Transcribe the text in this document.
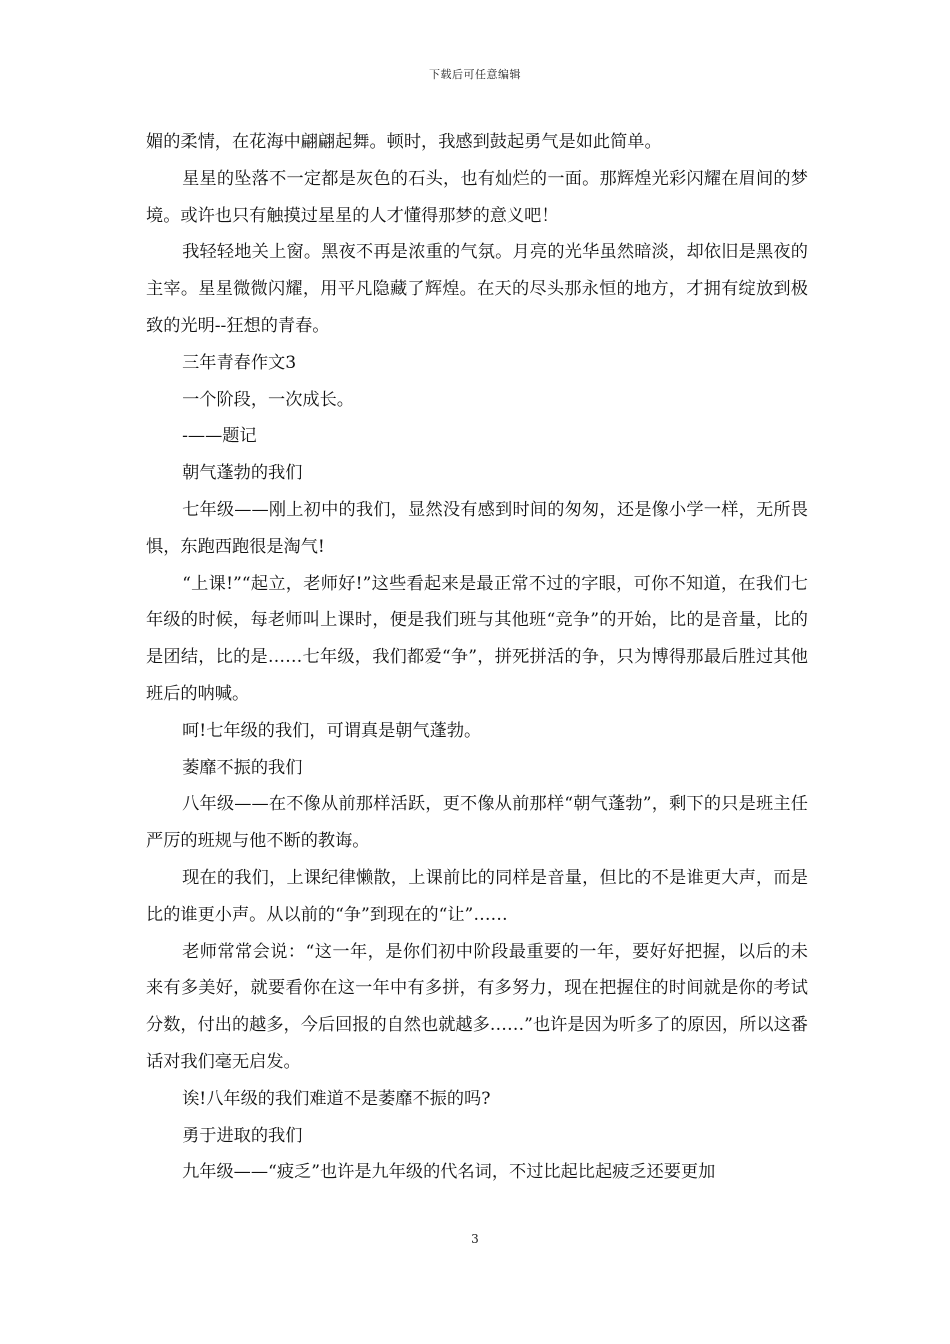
下载后可任意编辑

媚的柔情，在花海中翩翩起舞。顿时，我感到鼓起勇气是如此简单。

星星的坠落不一定都是灰色的石头，也有灿烂的一面。那辉煌光彩闪耀在眉间的梦境。或许也只有触摸过星星的人才懂得那梦的意义吧！

我轻轻地关上窗。黑夜不再是浓重的气氛。月亮的光华虽然暗淡，却依旧是黑夜的主宰。星星微微闪耀，用平凡隐藏了辉煌。在天的尽头那永恒的地方，才拥有绽放到极致的光明--狂想的青春。

三年青春作文3

一个阶段，一次成长。

-——题记

朝气蓬勃的我们

七年级——刚上初中的我们，显然没有感到时间的匆匆，还是像小学一样，无所畏惧，东跑西跑很是淘气!

“上课!”“起立，老师好!”这些看起来是最正常不过的字眼，可你不知道，在我们七年级的时候，每老师叫上课时，便是我们班与其他班“竞争”的开始，比的是音量，比的是团结，比的是……七年级，我们都爱“争”，拼死拼活的争，只为博得那最后胜过其他班后的呐喊。

呵!七年级的我们，可谓真是朝气蓬勃。

萎靡不振的我们

八年级——在不像从前那样活跃，更不像从前那样“朝气蓬勃”，剩下的只是班主任严厉的班规与他不断的教诲。

现在的我们，上课纪律懒散，上课前比的同样是音量，但比的不是谁更大声，而是比的谁更小声。从以前的“争”到现在的“让”……

老师常常会说：“这一年，是你们初中阶段最重要的一年，要好好把握，以后的未来有多美好，就要看你在这一年中有多拼，有多努力，现在把握住的时间就是你的考试分数，付出的越多，今后回报的自然也就越多……”也许是因为听多了的原因，所以这番话对我们毫无启发。

诶!八年级的我们难道不是萎靡不振的吗?

勇于进取的我们

九年级——“疲乏”也许是九年级的代名词，不过比起比起疲乏还要更加

3
